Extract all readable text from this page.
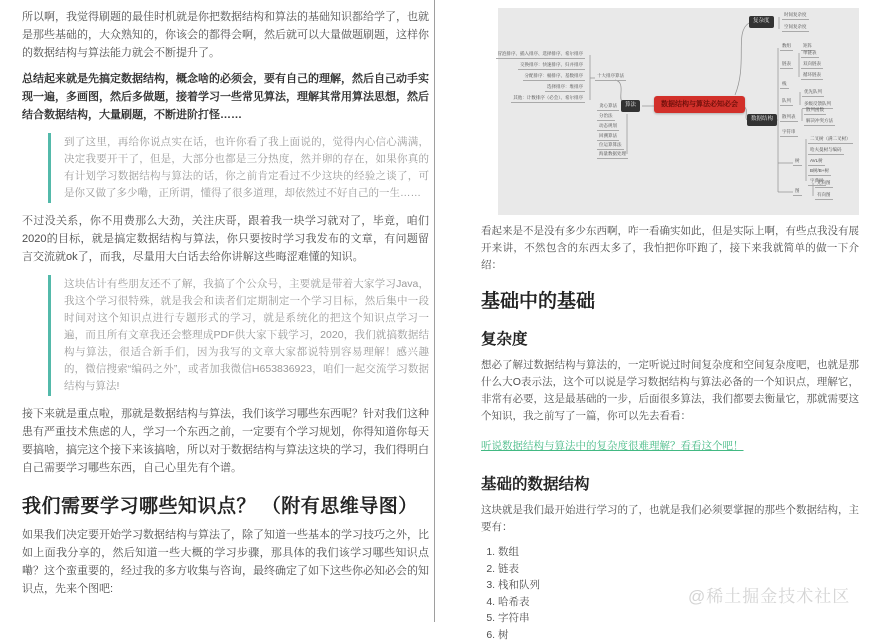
所以啊，我觉得刷题的最佳时机就是你把数据结构和算法的基础知识都给学了，也就是那些基础的，大众熟知的，你该会的都得会啊，然后就可以大量做题刷题，这样你的数据结构与算法能力就会不断提升了。

总结起来就是先搞定数据结构，概念啥的必须会，要有自己的理解，然后自己动手实现一遍，多画图，然后多做题，接着学习一些常见算法，理解其常用算法思想，然后结合数据结构，大量刷题，不断进阶打怪……

到了这里，再给你说点实在话，也许你看了我上面说的，觉得内心信心满满，决定我要开干了，但是，大部分也都是三分热度，然并卵的存在，如果你真的有计划学习数据结构与算法的话，你之前肯定看过不少这块的经验之谈了，可是你又做了多少嘞，正所谓，懂得了很多道理，却依然过不好自己的一生……

不过没关系，你不用费那么大劲，关注庆哥，跟着我一块学习就对了，毕竟，咱们2020的目标，就是搞定数据结构与算法，你只要按时学习我发布的文章，有问题留言交流就ok了，而我，尽量用大白话去给你讲解这些晦涩难懂的知识。

这块估计有些朋友还不了解，我搞了个公众号，主要就是带着大家学习Java，我这个学习很特殊，就是我会和读者们定期制定一个学习目标，然后集中一段时间对这个知识点进行专题形式的学习，就是系统化的把这个知识点学习一遍，而且所有文章我还会整理成PDF供大家下载学习，2020，我们就搞数据结构与算法，很适合新手们，因为我写的文章大家都说特别容易理解！感兴趣的，微信搜索“编码之外”，或者加我微信H653836923，咱们一起交流学习数据结构与算法!

接下来就是重点啦，那就是数据结构与算法，我们该学习哪些东西呢？针对我们这种患有严重技术焦虑的人，学习一个东西之前，一定要有个学习规划，你得知道你每天要搞啥，搞完这个接下来该搞啥，所以对于数据结构与算法这块的学习，我们得明白自己需要学习哪些东西，自己心里先有个谱。

我们需要学习哪些知识点？ （附有思维导图）

如果我们决定要开始学习数据结构与算法了，除了知道一些基本的学习技巧之外，比如上面我分享的，然后知道一些大概的学习步骤，那具体的我们该学习哪些知识点嘞？这个蛮重要的，经过我的多方收集与咨询，最终确定了如下这些你必知必会的知识点，先来个图吧:

数据结构与算法必知必会
算法
复杂度
数据结构
时间复杂度
空间复杂度
十大排序算法
冒泡排序、插入排序、选择排序、希尔排序
交换排序：快速排序、归并排序
分配排序：桶排序、基数排序
选择排序：堆排序
其他：计数排序（必会）、希尔排序
贪心算法
分治法
动态规划
回溯算法
位运算算法
海量数据处理
数组	矩阵
链表
单链表
双向链表
循环链表
栈
队列
优先队列
多级反馈队列
散列表
散列函数
解决冲突方法
字符串
树
二叉树（满二叉树）
哈夫曼树与编码
AVL树
B树/B+树
字典树
图
无向图
有向图

看起来是不是没有多少东西啊，咋一看确实如此，但是实际上啊，有些点我没有展开来讲，不然包含的东西太多了，我怕把你吓跑了，接下来我就简单的做一下介绍：

基础中的基础
复杂度

想必了解过数据结构与算法的，一定听说过时间复杂度和空间复杂度吧，也就是那什么大O表示法，这个可以说是学习数据结构与算法必备的一个知识点，理解它，非常有必要，这是最基础的一步，后面很多算法，我们都要去衡量它，那就需要这个知识，我之前写了一篇，你可以先去看看：

听说数据结构与算法中的复杂度很难理解？看看这个吧！
基础的数据结构

这块就是我们最开始进行学习的了，也就是我们必须要掌握的那些个数据结构，主要有：

1. 数组
2. 链表
3. 栈和队列
4. 哈希表
5. 字符串
6. 树
@稀土掘金技术社区
